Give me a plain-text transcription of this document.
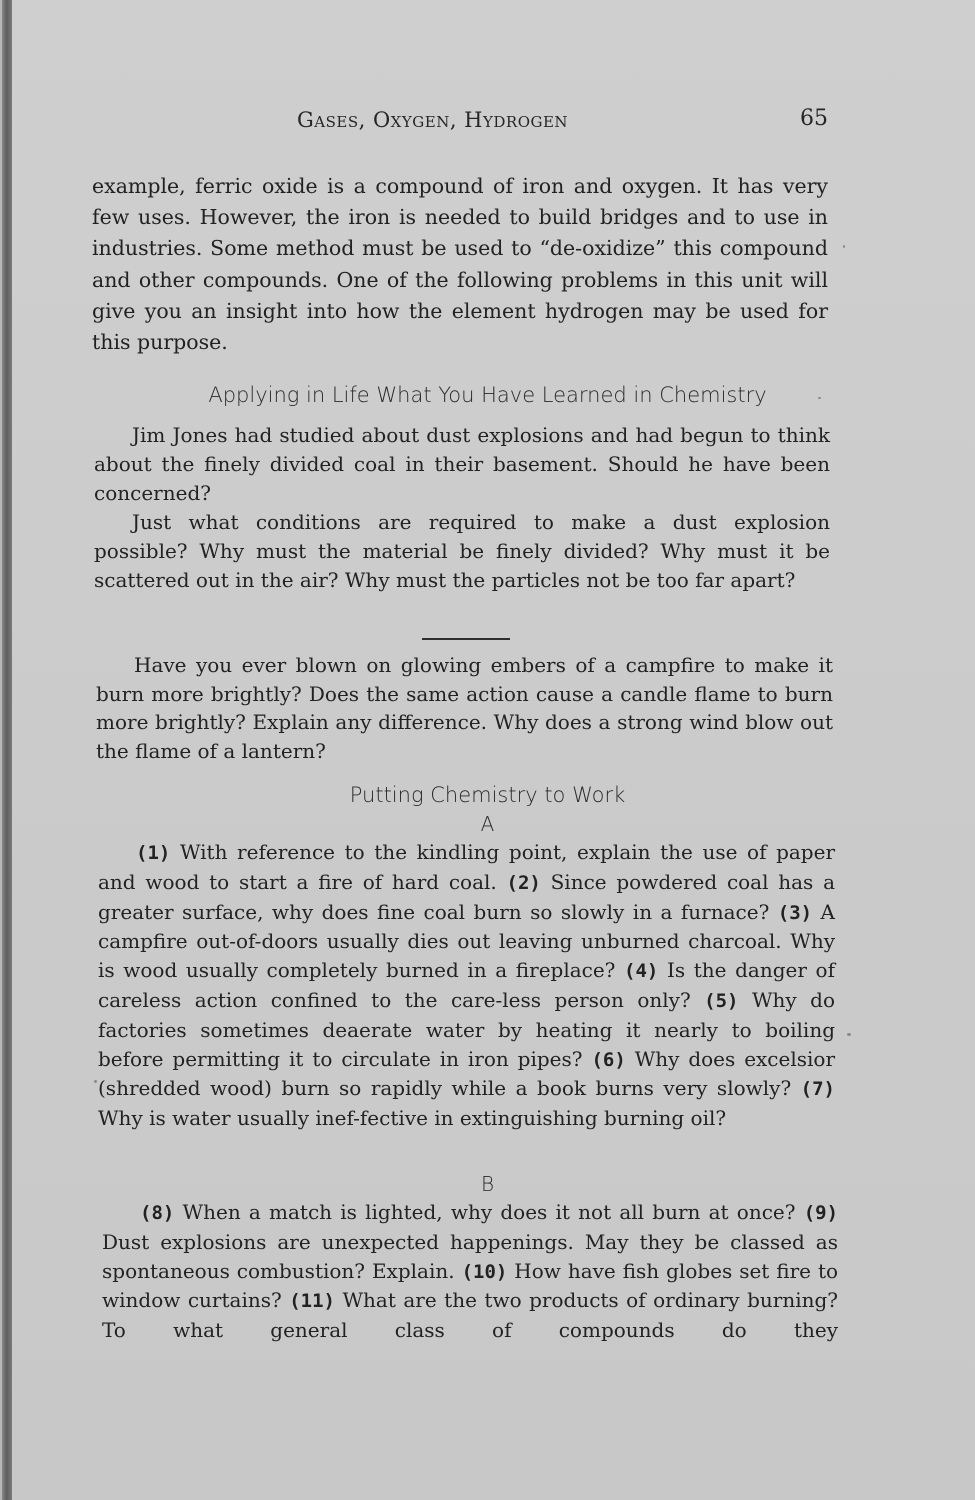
Gases, Oxygen, Hydrogen	65

example, ferric oxide is a compound of iron and oxygen. It has very few uses. However, the iron is needed to build bridges and to use in industries. Some method must be used to “de-oxidize” this compound and other compounds. One of the following problems in this unit will give you an insight into how the element hydrogen may be used for this purpose.

Applying in Life What You Have Learned in Chemistry

Jim Jones had studied about dust explosions and had begun to think about the finely divided coal in their basement. Should he have been concerned?

Just what conditions are required to make a dust explosion possible? Why must the material be finely divided? Why must it be scattered out in the air? Why must the particles not be too far apart?

Have you ever blown on glowing embers of a campfire to make it burn more brightly? Does the same action cause a candle flame to burn more brightly? Explain any difference. Why does a strong wind blow out the flame of a lantern?

Putting Chemistry to Work
A

(1) With reference to the kindling point, explain the use of paper and wood to start a fire of hard coal. (2) Since powdered coal has a greater surface, why does fine coal burn so slowly in a furnace? (3) A campfire out-of-doors usually dies out leaving unburned charcoal. Why is wood usually completely burned in a fireplace? (4) Is the danger of careless action confined to the care-less person only? (5) Why do factories sometimes deaerate water by heating it nearly to boiling before permitting it to circulate in iron pipes? (6) Why does excelsior (shredded wood) burn so rapidly while a book burns very slowly? (7) Why is water usually inef-fective in extinguishing burning oil?

B

(8) When a match is lighted, why does it not all burn at once? (9) Dust explosions are unexpected happenings. May they be classed as spontaneous combustion? Explain. (10) How have fish globes set fire to window curtains? (11) What are the two products of ordinary burning? To what general class of compounds do they
